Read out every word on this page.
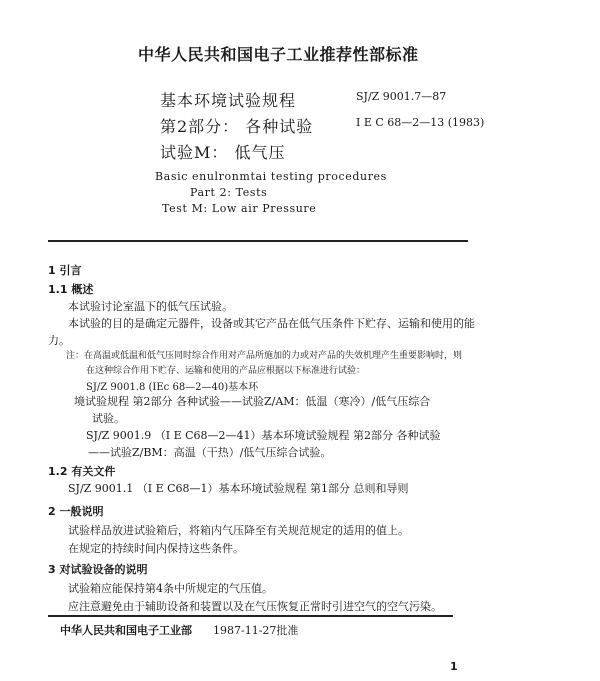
中华人民共和国电子工业推荐性部标准
基本环境试验规程	SJ/Z 9001.7—87
第2部分： 各种试验	I E C 68—2—13 (1983)
试验M： 低气压
Basic enulronmtai testing procedures
Part 2: Tests
Test M: Low air Pressure
1 引言
1.1 概述
本试验讨论室温下的低气压试验。
本试验的目的是确定元器件，设备或其它产品在低气压条件下贮存、运输和使用的能
力。
注：在高温或低温和低气压同时综合作用对产品所施加的力或对产品的失效机理产生重要影响时，则
在这种综合作用下贮存、运输和使用的产品应根据以下标准进行试验：
SJ/Z 9001.8 (IEc 68—2—40)基本环
境试验规程 第2部分 各种试验——试验Z/AM：低温（寒冷）/低气压综合
试验。
SJ/Z 9001.9 （I E C68—2—41）基本环境试验规程 第2部分 各种试验
——试验Z/BM：高温（干热）/低气压综合试验。
1.2 有关文件
SJ/Z 9001.1 （I E C68—1）基本环境试验规程 第1部分 总则和导则
2 一般说明
试验样品放进试验箱后，将箱内气压降至有关规范规定的适用的值上。
在规定的持续时间内保持这些条件。
3 对试验设备的说明
试验箱应能保持第4条中所规定的气压值。
应注意避免由于辅助设备和装置以及在气压恢复正常时引进空气的空气污染。
中华人民共和国电子工业部 1987-11-27批准
1
